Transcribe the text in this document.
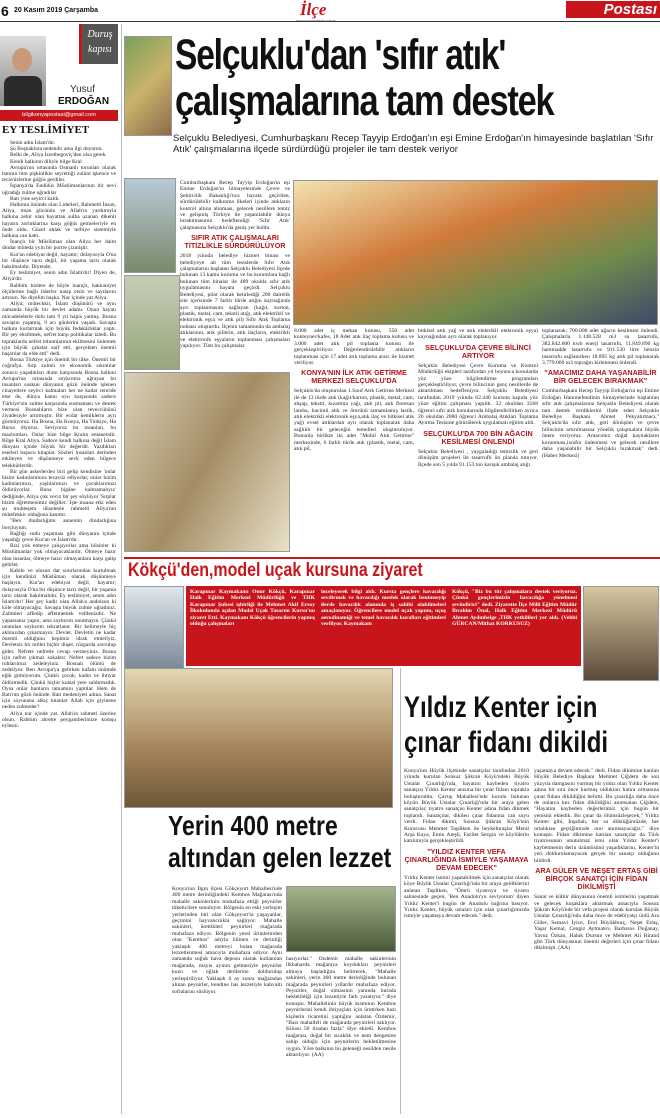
6 20 Kasım 2019 Çarşamba	İlçe	Postası
Duruş
kapısı
Yusuf
ERDOĞAN
bilgikonyapostasi@gmail.com
EY TESLİMİYET

Senin adın İslam'dır.

Şu Boşnaklara nedendir ama ilgi duyarım.

Belki de, Aliya İzzetbegoviç'den olsa gerek.

Kendi halkının diliyle bilge Kral

Avrupa'nın ortasında Osmanlı torunları olarak batının tüm pişkinlikle seyrettiği zulüm işkence ve tecavüzlerine göğüs gerdiler.

İspanya'da Endülüs Müslümanlarının bir nevi uğradığı zulme uğradılar

Batı yine seyirci kaldı.

Halkının önünde olan Liderleri, Rahmetli İnsan, Aliya, iman gücünün ve Allah'ın yardımıyla halkına zehir olan hayattan sulha uzanan dikenli hayatın zorluklarına karşı göğüs germeleriyle en önde oldu. Güzel ahlak ve terbiye sistemiyle halkına can kattı.

İnançlı bir Müslüman olan Aliya her daim dindar müteda yyin bir portre çizmiştir.

Kur'an edebiyat değil, hayattır; dolayısıyla O'na bir düşünce tarzı değil, bir yaşama tarzı olarak bakılmalıdır. Diyende;

Ey teslimiyet, senin adın İslam'dır! Diyen de, Aliya'dır.

Rabbim bizlere de böyle inançlı, hakkaniyet ölçülerine bağlı liderler nasip etsin ve sayılarını artırsın. Ne diyelim başka. Nur içinde yat Aliya.

Aliya; müteckkir, İslam düşünürü ve aynı zamanda büyük bir devlet adamı. Onun hayatı mücadelelerle dolu tam 9 yıl hapis yatmış. Bosna savaşını yaşamış, 9 acı günlerini yaşadı. Savaşta halkını kurtarmak için büyük fedakârlıklar yaptı. Bir şey eksiltmek, nefret karşı politikalar izledi. Bu topraklarda nefret tohumlarının ekilmesini önlemek için büyük çabalar sarf etti, gerçekten önemli başarılar da elde etti" dedi.

Bosna Türkiye için önemli bir ülke. Önemli bir coğrafya. Sırp zulmü ve ekonomik sıkıntılar sonucu yaşadıkları dram karşısında Bosna halkını Avrupa'nın ortasında soykırıma uğrayan bu insanları suskun dünyanın gözü önünde işlenen cinayetlere seyirci kalmaları her ne kadar rencide etse de, dünya kamu oyu karşısında sadece Türkiye'nin zulme karşısında susmaması ve destek vermesi Bosnalıların bize olan teveccühünü ziyadesiyle artırmıştır. Bir ecdat kemiklerin ayrı görmüyoruz. Ha Bosna, Ha Konya, Ha Türkiye, Ha Bursa diyoruz. Seviyoruz bu insanları, bu mazlumları. Onlar bize bilge Kralın emanetidir. Bilge Kral Aliya. Sadece kendi halkına değil İslam dünyası içinde büyük bir değerdir. Yazdıkları eserleri başucu kitaplar. Sözleri insanları derinden etkileyen ve düşünmeye sevk eden bilgece telekkürlerdir.

Bir gün askerlerden biri gelip kendisine 'onlar bizim kadınlarımıza tecavüz ediyorlar, onlar bizim kadınlarımızı, yaşlılarımızı ve çocuklarımızı öldürüyorlar. Buna bigâne kalmamalıyız' dediğinde, Aliya çok veciz bir şey söylüyor 'Sırplar bizim öğretmenimiz değiller.' İşte insana etki eden şu muhteşem düzelenle rahmetli Aliya'nın mütefekkir olduğuna kanıttır.

"Ben dindarlığımı annemin dindarlığına borçluyum.

Bağlığı sudu yaşaması gibi dünyanın içinde yaşadığı çevre Kur'an ve İslam'dır.

Bizi yok etmeye çalışıyorlar ama bilsinler ki Müslümanlar yok olmayacaklardır. Ölmeye hazır olan insanlar, ölmeye hazır olmayanlara karşı galip gelirler.

Kabile ve ulusun dar sınırlarından kurtulmak için kendinizi Müslüman olarak düşünmeye başlayın. Kur'an edebiyat değil, hayattır; dolayısıyla O'na bir düşünce tarzı değil, bir yaşama tarzı olarak bakılmalıdır. Ey teslimiyet, senin adın İslam'dır! Her şey kadir olan Allah'a andolsun ki köle olmayacağız. Savaşta büyük zulme uğradınız. Zalimleri affedip affetmemek vefdenizdir. Ne yaparsanız yapın, ama soykırım unutmayın. Çünkü unutulan soykırım tekrarlanır. Bir kelimeyle hiç aklınızdan çıkarmayın: Devlet. Devletin ne kadar önemli olduğunu hepimiz idrak etmeliyiz. Devletsiz bir millet hiçbir düşer, rüzgarda savrulup gider. Nefrete nefretle cevap vermeyiniz. Bosna için nefret çıkmaz sokaktır. Nefret sadece bizim ruhlarımızı zedeleyiniz. Bosnalı ölümü de zedeliyor. Ben Avrupa'ya gelirken kafam önümde eğik gitmiyorum. Çünkü çocuk, kadın ve ihtiyar öldürmedik. Çünkü hiçbir kutsal yere saldırmadık. Oysa onlar bunların tamamını yaptılar. Hem de Batı'nın gözü önünde. Batı medeniyeti adına. Sanat için soyunana alkış tutanlar Allah için giyinene neden zulmeder?

Aliya nur içinde yat. Allah'ın rahmeti üzerine olsun. Rabbim ahrette peygamberimize komşu eylesin.

Selçuklu'dan 'sıfır atık'
çalışmalarına tam destek
Selçuklu Belediyesi, Cumhurbaşkanı Recep Tayyip Erdoğan'ın eşi Emine Erdoğan'ın himayesinde başlatılan 'Sıfır Atık' çalışmalarına ilçede sürdürdüğü projeler ile tam destek veriyor
Cumhurbaşkanı Recep Tayyip Erdoğan'ın eşi Emine Erdoğan'ın himayelerinde Çevre ve Şehircilik Bakanlığı'nca hayata geçirilen, sürdürülebilir kalkınma ilkeleri içinde atıkların kontrol altına alınması, gelecek nesillere temiz ve gelişmiş Türkiye ile yaşanılabilir dünya bırakılmasının hedeflendiği 'Sıfır Atık' çalışmasına Selçuklu'da geniş yer buldu.
SIFIR ATIK ÇALIŞMALARI TİTİZLİKLE SÜRDÜRÜLÜYOR
2018 yılında belediye hizmet binası ve belediyeye ait tüm tesislerde Sıfır Atık çalışmalarını başlatan Selçuklu Belediyesi ilçede bulunan 13 kamu kurumu ve bu kurumlara bağlı bulunan tüm binalar ile 489 okulda sıfır atık uygulamasını hayata geçirdi. Selçuklu Belediyesi, pilot olarak belirlediği 200 dairelik site içerisinde 7 farklı türde atığın kaynağında ayrı toplanmasını sağlayan (kağıt, karton, plastik, metal, cam, tekstil atığı, atık elektrikli ve elektronik eşya ve atık pil) Sıfır Atık Toplama noktası oluşturdu. İlçenin tamamında da ambalaj atıklarının, atık pillerin, atık ilaçların, elektrikli ve elektronik eşyaların toplanması çalışmaları yapılıyor. Tüm bu çalışmalar
8.000 adet iç mekan kutusu, 550 adet konteyner/kafes, 18 Adet atık ilaç toplama kutusu ve 3.000 adet atık pil toplama kutusu ile gerçekleştiriliyor. Değerlendirilebilir atıkların toplanması için 17 adet atık toplama aracı ile hizmet veriliyor.
KONYA'NIN İLK ATIK GETİRME MERKEZİ SELÇUKLU'DA
Selçuklu'da oluşturulan 1.Sınıf Atık Getirme Merkezi ile de 13 türde atık (kağıt/karton, plastik, metal, cam, ahşap, tekstil, kızartma yağı, atık pil, atık floresan lamba, hacimli atık ve ömrünü tamamlamış lastik, atık elektrikli elektronik eşya,atık ilaç ve bitkisel atık yağ) evsel atıklardan ayrı olarak toplanarak daha sağlıklı bir geleceğin temelleri oluşturuluyor. Bununla birlikte iki adet "Mobil Atık Getirme" merkezinde, 6 farklı türde atık (plastik, metal, cam, atık pil,
bitkisel atık yağ ve atık elektrikli elektronik eşya) kaynağından ayrı olarak toplanıyor.
SELÇUKLU'DA ÇEVRE BİLİNCİ ARTIYOR
Selçuklu Belediyesi Çevre Koruma ve Kontrol Müdürlüğü ekipleri tarafından yıl boyunca konularda yüz yüze bilgilendirme programları gerçekleştiriliyor, çevre bilincinin genç nesillerde de aktarılması hedefleniyor. Selçuklu Belediyesi tarafından 2019 yılında 62.440 kursuta kapıda yüz yüze eğitim çalışması yapıldı. 32 okuldan 3568 öğrenci sıfır atık konularında bilgilendirilirken ayrıca 26 okuldan 2080 öğrenci Ambalaj Atıkları Toplama Ayırma Tesisine götürülerek uygulamalı eğitim aldı.
SELÇUKLU'DA 700 BİN AĞACIN KESİLMESİ ÖNLENDİ
Selçuklu Belediyesi , yaygaladığı temizlik ve geri dönüşüm projeleri ile tasarruflı ön planda tutuyor. İlçede son 5 yılda 91.153 ton karışık ambalaj atığı
toplanarak; 700.000 adet ağacın kesilmesi önlendi. Çalışmalarla 1.148.528 m3 su tasarrufu, 382.842.600 kwh enerji tasarrufu, 11.849.890 kg hammadde tasarrufu ve 911.530 litre benzin tasarrufu sağlanırken 18.895 kg atık pil toplanarak 3.779.000 m3 toprağın kirlenmesi önlendi.
"AMACIMIZ DAHA YAŞANABİLİR BİR GELECEK BIRAKMAK"
Cumhurbaşkanı Recep Tayyip Erdoğan'ın eşi Emine Erdoğan Hanımefendinin himayelerinde başlatılan sıfır atık çalışmalarına Selçuklu Belediyesi olarak tam destek verdiklerini ifade eden Selçuklu Belediye Başkanı Ahmet Pekyatırmacı," Selçuklu'da sıfır atık, geri dönüşüm ve çevre bilincinin artırılmasına yönelik çalışmalara büyük önem veriyoruz. Amacımız doğal kaynakların korunması,israfın önlenmesi ve gelecek nesillere daha yaşanabilir bir Selçuklu bırakmak" dedi. (Haber Merkezi)
Kökçü'den,model uçak kursuna ziyaret
Karapınar Kaymakamı Onur Kökçü, Karapınar Halk Eğitim Merkezi Müdürlüğü ve THK Karapınar Şubesi işbirliği ile Mehmet Akif Ersoy İlkokulunda açılan Model Uçak Tasarım Kursu'nu ziyaret Etti. Kaymakam Kökçü öğrencilerin yapmış olduğu çalışmaları
inceleyerek bilgi aldı. Kursta gençlere havacılığı sevdirmek ve havacılığı meslek olarak benimseyip ilerde havacılık alanında iş sahibi olabilmeleri amaçlanıyor. Öğrencilere model uçak yapımı, uçuş aerodinamiği ve temel havacılık kuralları eğitimleri veriliyor. Kaymakam
Kökçü, "Biz bu tür çalışmalara destek veriyoruz. Çünkü gençlerimizin havacılığa yönelmesi sevindirici" dedi. Ziyarette İlçe Milli Eğitim Müdür İbrahim Önal, Halk Eğitim Merkezi Müdürü Ahmet Aydınbelge ,THK yetkilileri yer aldı. (Vehbi GÜRCAN/Mithat KORKUSUZ)
Yerin 400 metre
altından gelen lezzet
Konya'nın İlgın ilçesi Gökçeyurt Mahallesi'nde 400 metre derinliğindeki Kembos Mağarası'nda mahalle sakinlerinin muhafaza ettiği peynirler tüketicilere sunuluyor. Bölgenin en eski yerleşim yerlerinden biri olan Gökçeyurt'ta yaşayanlar, geçimini hayvancılıkla sağlıyor. Mahalle sakinleri, ürettikleri peynirleri mağarada muhafaza ediyor. Bölgenin yerel ürünlerinden olan "Kembos" adıyla bilinen ve derinliği yaklaşık 400 metreyi bulan mağarada lezzetlenmesi amacıyla muhafaza ediyor. Aynı zamanda soğuk hava deposu olarak kullanılan mağarada, mayıs ayının gelmesiyle peynirler kuzu ve oğlak derilerine doldurulup yerleştiriliyor. Yaklaşık 6 ay sonra mağaradan alınan peynirler, kendine has lezzetiyle kahvaltı sofralarını süslüyor.
basıyorlar." Özdemir mahalle sakinlerinin ilkbaharda mağaraya koydukları peynirleri almaya başladığını belirterek, "Mahalle sakinleri, yerin 400 metre derinliğinde bulunan mağarada peynirleri yıllardır muhafaza ediyor. Peynirler, doğal olmasının yanında burada bekletildiği için lezzetiyle fark yaratıyor." diye konuştu. Mahallelinin büyük kısmının Kembos peynirlerini kendi ihtiyaçları için üretirken bazı kişilerin ticaretini yaptığını anlatan Özdemir, "Bazı mahalleli de mağarada peynirleri saklıyor. Kilosu 50 liradan fazla" diye ekledi. Kembos mağarası, doğal bir sıcaklık ve nem dengesine sahip olduğu için peynirlerin bekletilmesine uygun. Yöre halkının bu geleneği nesilden nesile aktarılıyor. (AA)
Yıldız Kenter için
çınar fidanı dikildi
Konya'nın Hüyük ilçesinde sanatçılar tarafından 2010 yılında kurulan Sonsuz Şükran Köyü'ndeki Büyük Ustalar Çınarlığı'nda, hayatını kaybeden tiyatro sanatçısı Yıldız Kenter anısına bir çınar fidanı toprakla buluşturuldu. Çavuş Mahallesi'nde kurulu bulunan köyün Büyük Ustalar Çınarlığı'nda bir araya gelen sanatçılar, tiyatro sanatçısı Kenter adına fidan dikmek toplandı. Sanatçılar, dikilen çınar fidanına can suyu verdi. Fidan dikimi, Sonsuz Şükran Köyü'nün Kurucusu Mehmet Taşdiken ile heykeltıraşlar Meral Arşa Kaya, Emin Ateşli, Fazilet Sezgin ve köylülerin katılımıyla gerçekleştirildi.
"YILDIZ KENTER VEFA ÇINARLIĞINDA İSMİYLE YAŞAMAYA DEVAM EDECEK"
Yıldız Kenter ismini yaşatabilmek için sanatçılar olarak köye Büyük Ustalar Çınarlığı'nda bir araya geldiklerini anlatan Taşdiken, "Ömrü tiyatroya ve tiyatro sahnesinde geçen, 'Ben Anadolu'yu seviyorum' diyen Yıldız Kenter'i bugün de Anadolu bağrına basıyor. Yıldız Kenter, büyük ustaları için olan çınarlığımızda ismiyle yaşamaya devam edecek." dedi.
yaşamaya devam edecek." dedi. Fidan dikimine katılan Hüyük Belediye Başkanı Mehmet Çiğdem de son yüzyıla damgasını vurmuş bir yıldız olan Yıldız Kenter adına bir sıra önce kurmuş oldukları hatıra ormanına çınar fidanı dikildiğini belirtti. Bu çınarlığa daha önce de onlarca kez fidan dikildiğini anımsatan Çiğdem, "Hayatını kaybeden değerlerimiz için bugün bir yenisini ekledik. Bu çınar da ölümsüzleşecek," Yıldız Kenter gibi, İnşallah, her su döktüğümüzde, her ortalıktan geçtiğimizde onu anımsayacağız." diye konuştu. Fidan dikimine katılan sanatçılar da Türk tiyatrosunun unutulmaz ismi olan Yıldız Kenter'i kaybetmenin derin üzüntüsünü yaşadıklarını, Kenter'in yeri doldurulamayacak gerçek bir sanatçı olduğunu bildirdi.
ARA GÜLER VE NEŞET ERTAŞ GİBİ BİRÇOK SANATÇI İÇİN FİDAN DİKİLMİŞTİ
Sanat ve kültür dünyasının önemli isimlerini yaşatmak ve gelecek kuşaklara aktarmak amacıyla Sonsuz Şükran Köyü'nde bir vefa projesi olarak kurulan Büyük Ustalar Çınarlığı'nda daha önce de edebiyatçı ünlü Ara Güler, Semavi İyice, Erol Büyükburç, Neşet Ertaş, Yaşar Kemal, Cengiz Aytmatov, Barbaros Doğanay, Yavuz Özkan, Haluk Dursun ve Mehmet Ali Birand gibi Türk dünyasının önemli değerleri için çınar fidanı dikilmişti. (AA)
